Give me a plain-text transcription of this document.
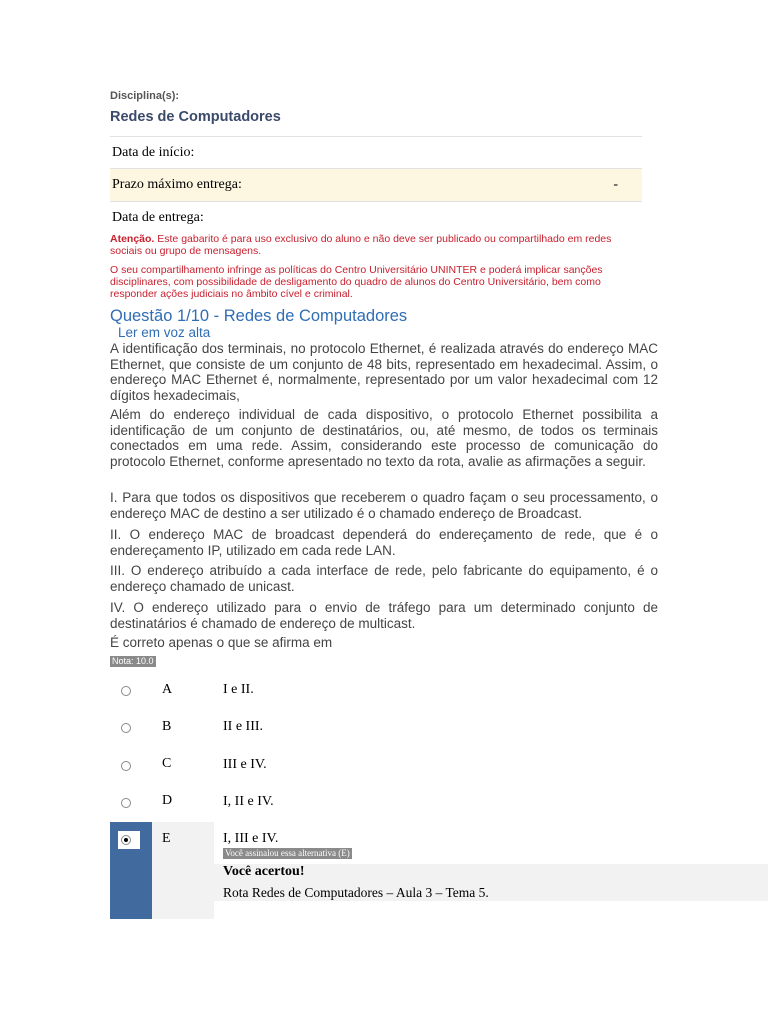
Disciplina(s):
Redes de Computadores
Data de início:
Prazo máximo entrega:	-
Data de entrega:
Atenção. Este gabarito é para uso exclusivo do aluno e não deve ser publicado ou compartilhado em redes sociais ou grupo de mensagens.
O seu compartilhamento infringe as políticas do Centro Universitário UNINTER e poderá implicar sanções disciplinares, com possibilidade de desligamento do quadro de alunos do Centro Universitário, bem como responder ações judiciais no âmbito cível e criminal.
Questão 1/10 - Redes de Computadores
Ler em voz alta
A identificação dos terminais, no protocolo Ethernet, é realizada através do endereço MAC Ethernet, que consiste de um conjunto de 48 bits, representado em hexadecimal. Assim, o endereço MAC Ethernet é, normalmente, representado por um valor hexadecimal com 12 dígitos hexadecimais,
Além do endereço individual de cada dispositivo, o protocolo Ethernet possibilita a identificação de um conjunto de destinatários, ou, até mesmo, de todos os terminais conectados em uma rede. Assim, considerando este processo de comunicação do protocolo Ethernet, conforme apresentado no texto da rota, avalie as afirmações a seguir.
I. Para que todos os dispositivos que receberem o quadro façam o seu processamento, o endereço MAC de destino a ser utilizado é o chamado endereço de Broadcast.
II. O endereço MAC de broadcast dependerá do endereçamento de rede, que é o endereçamento IP, utilizado em cada rede LAN.
III. O endereço atribuído a cada interface de rede, pelo fabricante do equipamento, é o endereço chamado de unicast.
IV. O endereço utilizado para o envio de tráfego para um determinado conjunto de destinatários é chamado de endereço de multicast.
É correto apenas o que se afirma em
Nota: 10.0
A	I e II.
B	II e III.
C	III e IV.
D	I, II e IV.
E	I, III e IV.
Você assinalou essa alternativa (E)
Você acertou!
Rota Redes de Computadores – Aula 3 – Tema 5.
